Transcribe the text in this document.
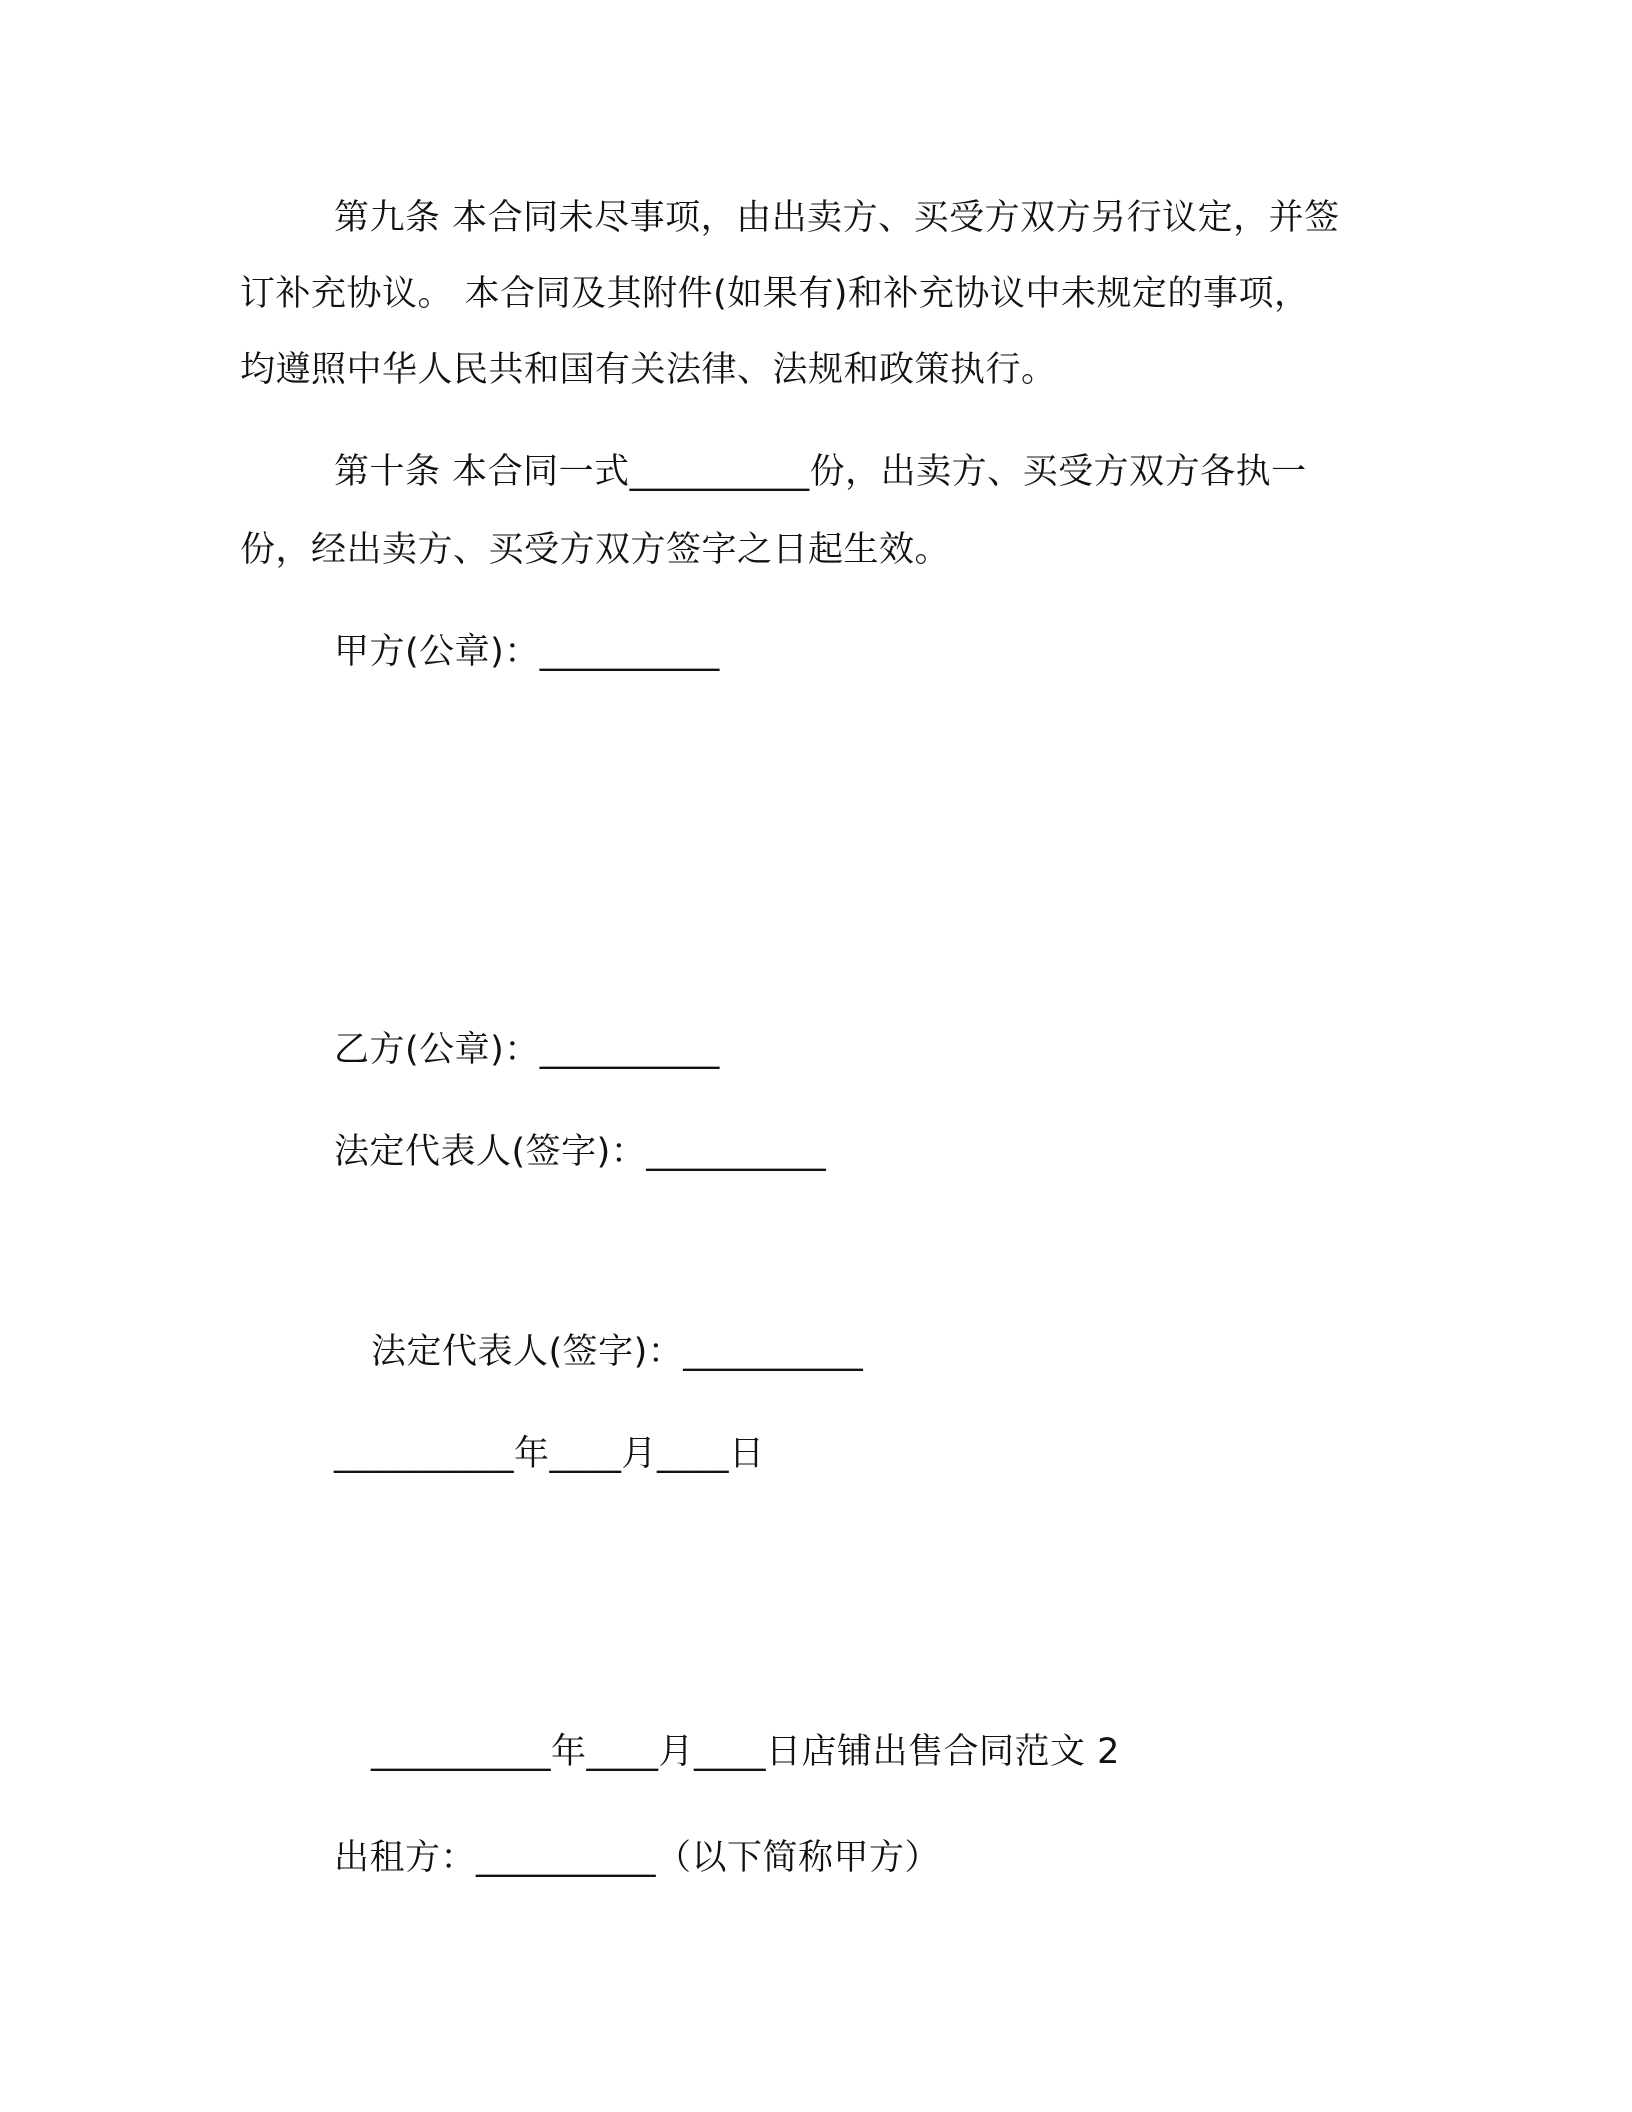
第九条 本合同未尽事项，由出卖方、买受方双方另行议定，并签
订补充协议。 本合同及其附件(如果有)和补充协议中未规定的事项，
均遵照中华人民共和国有关法律、法规和政策执行。
第十条 本合同一式__________份，出卖方、买受方双方各执一
份，经出卖方、买受方双方签字之日起生效。
甲方(公章)：__________
乙方(公章)：__________
法定代表人(签字)：__________
法定代表人(签字)：__________
__________年____月____日
__________年____月____日店铺出售合同范文 2
出租方：__________（以下简称甲方）
